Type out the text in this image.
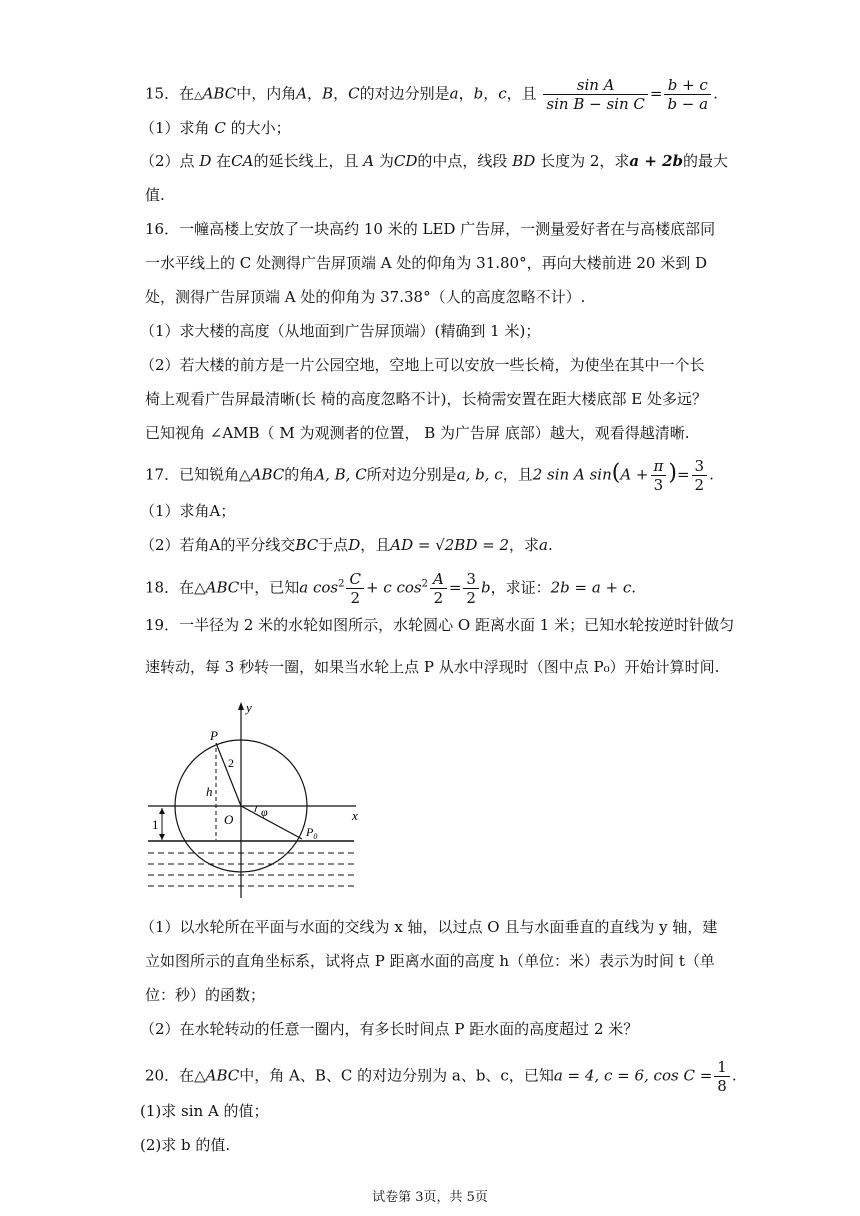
15．在△ABC中，内角A，B，C的对边分别是a，b，c，且 $\frac{\text{sin A}}{\text{sin B − sin C}} = \frac{b + c}{b - a}$ .
（1）求角 C 的大小；
（2）点 D 在CA的延长线上，且 A 为CD的中点，线段 BD 长度为 2，求a + 2b的最大
值.
16．一幢高楼上安放了一块高约 10 米的 LED 广告屏，一测量爱好者在与高楼底部同
一水平线上的 C 处测得广告屏顶端 A 处的仰角为 31.80°，再向大楼前进 20 米到 D
处，测得广告屏顶端 A 处的仰角为 37.38°（人的高度忽略不计）.
（1）求大楼的高度（从地面到广告屏顶端）(精确到 1 米)；
（2）若大楼的前方是一片公园空地，空地上可以安放一些长椅，为使坐在其中一个长
椅上观看广告屏最清晰(长 椅的高度忽略不计)，长椅需安置在距大楼底部 E 处多远？
已知视角 ∠AMB（ M 为观测者的位置， B 为广告屏 底部）越大，观看得越清晰.
17．已知锐角△ABC的角A, B, C所对边分别是a, b, c，且2 sin A $\sin(A + \frac{\pi}{3}$ )= $\frac{3}{2}$ .
（1）求角A；
（2）若角A的平分线交BC于点D，且AD = √2BD = 2，求a.
18．在△ABC中，已知a $\cos^2 \frac{C}{2} + c$ $\cos^2 \frac{A}{2} = \frac{3}{2}$ b，求证：2b = a + c.
19．一半径为 2 米的水轮如图所示，水轮圆心 O 距离水面 1 米；已知水轮按逆时针做匀
速转动，每 3 秒转一圈，如果当水轮上点 P 从水中浮现时（图中点 P₀）开始计算时间.
y
x
P
2
h
O φ
$P_0$
1
（1）以水轮所在平面与水面的交线为 x 轴，以过点 O 且与水面垂直的直线为 y 轴，建
立如图所示的直角坐标系，试将点 P 距离水面的高度 h（单位：米）表示为时间 t（单
位：秒）的函数；
（2）在水轮转动的任意一圈内，有多长时间点 P 距水面的高度超过 2 米？
20．在△ABC中，角 A、B、C 的对边分别为 a、b、c，已知a = 4, c = 6, $\cos C = \frac{1}{8}$ .
(1)求 sin A 的值；
(2)求 b 的值.
试卷第 3页，共 5页
